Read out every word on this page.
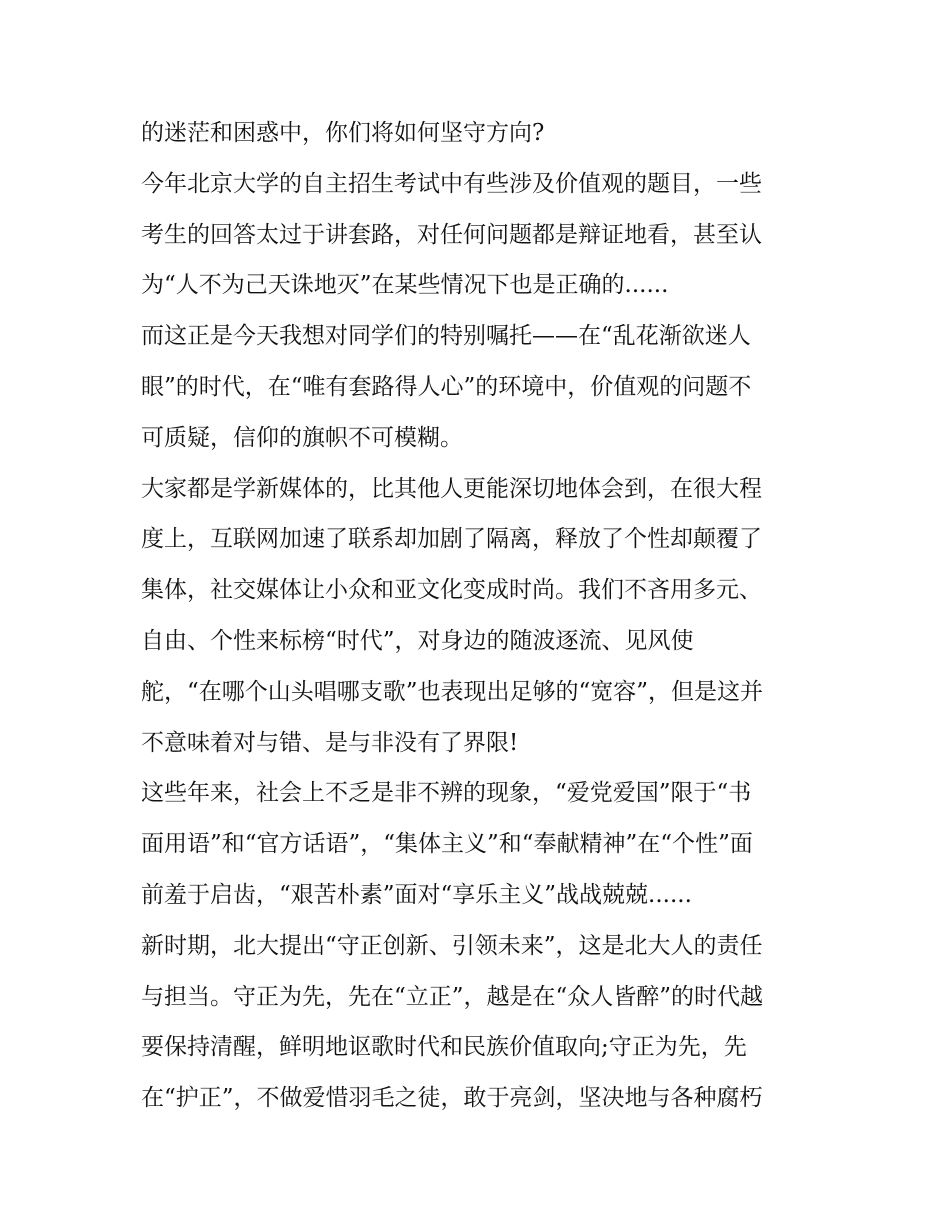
的迷茫和困惑中，你们将如何坚守方向?
今年北京大学的自主招生考试中有些涉及价值观的题目，一些
考生的回答太过于讲套路，对任何问题都是辩证地看，甚至认
为“人不为己天诛地灭”在某些情况下也是正确的......
而这正是今天我想对同学们的特别嘱托——在“乱花渐欲迷人
眼”的时代，在“唯有套路得人心”的环境中，价值观的问题不
可质疑，信仰的旗帜不可模糊。
大家都是学新媒体的，比其他人更能深切地体会到，在很大程
度上，互联网加速了联系却加剧了隔离，释放了个性却颠覆了
集体，社交媒体让小众和亚文化变成时尚。我们不吝用多元、
自由、个性来标榜“时代”，对身边的随波逐流、见风使
舵，“在哪个山头唱哪支歌”也表现出足够的“宽容”，但是这并
不意味着对与错、是与非没有了界限!
这些年来，社会上不乏是非不辨的现象，“爱党爱国”限于“书
面用语”和“官方话语”，“集体主义”和“奉献精神”在“个性”面
前羞于启齿，“艰苦朴素”面对“享乐主义”战战兢兢......
新时期，北大提出“守正创新、引领未来”，这是北大人的责任
与担当。守正为先，先在“立正”，越是在“众人皆醉”的时代越
要保持清醒，鲜明地讴歌时代和民族价值取向;守正为先，先
在“护正”，不做爱惜羽毛之徒，敢于亮剑，坚决地与各种腐朽
